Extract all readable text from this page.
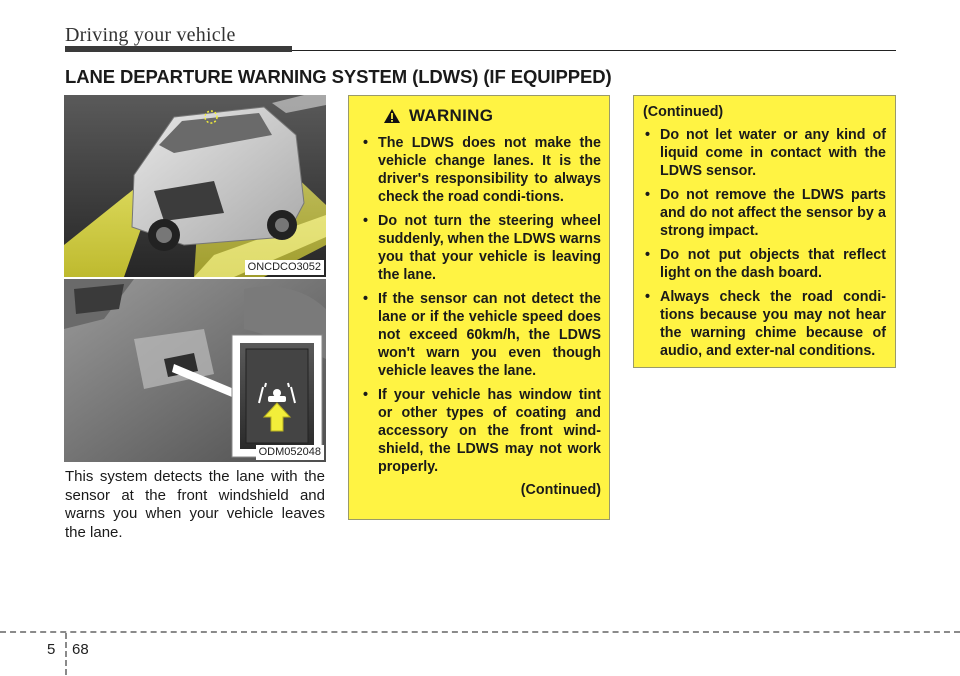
Driving your vehicle
LANE DEPARTURE WARNING SYSTEM (LDWS) (IF EQUIPPED)
ONCDCO3052
ODM052048
This system detects the lane with the sensor at the front windshield and warns you when your vehicle leaves the lane.
WARNING
• The LDWS does not make the vehicle change lanes. It is the driver's responsibility to always check the road condi-tions.
• Do not turn the steering wheel suddenly, when the LDWS warns you that your vehicle is leaving the lane.
• If the sensor can not detect the lane or if the vehicle speed does not exceed 60km/h, the LDWS won't warn you even though vehicle leaves the lane.
• If your vehicle has window tint or other types of coating and accessory on the front wind-shield, the LDWS may not work properly.
(Continued)
(Continued)
• Do not let water or any kind of liquid come in contact with the LDWS sensor.
• Do not remove the LDWS parts and do not affect the sensor by a strong impact.
• Do not put objects that reflect light on the dash board.
• Always check the road condi-tions because you may not hear the warning chime because of audio, and exter-nal conditions.
5 68
